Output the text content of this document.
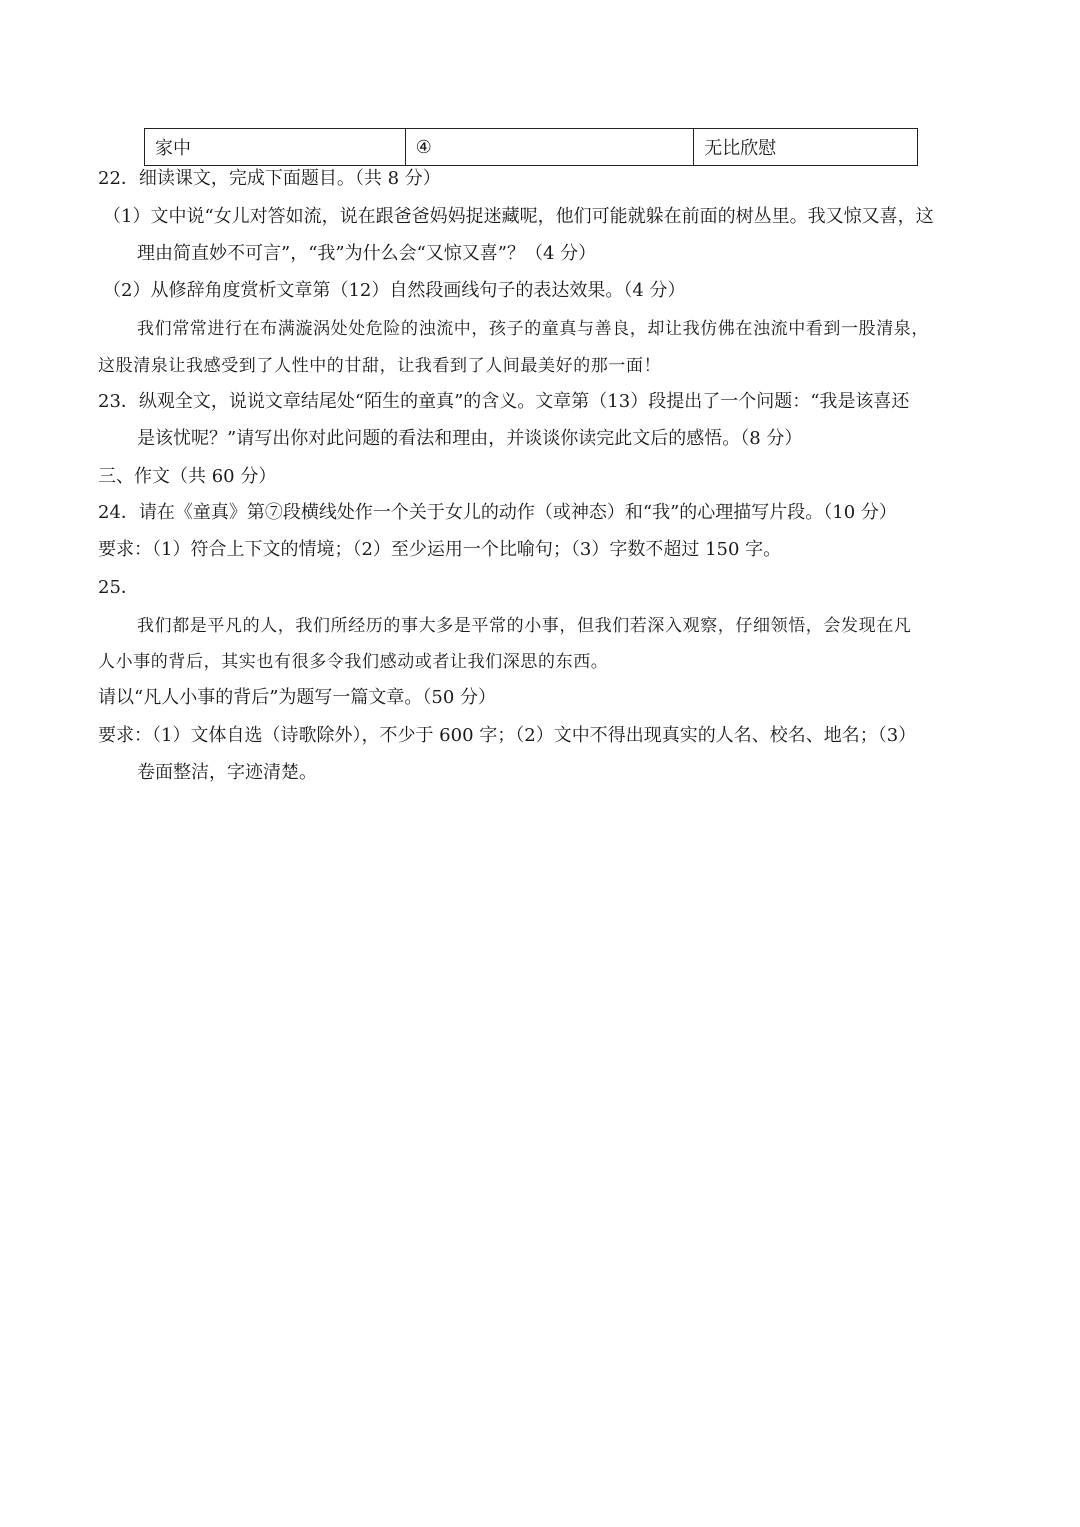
家中	④	无比欣慰
22．细读课文，完成下面题目。（共 8 分）
（1）文中说“女儿对答如流，说在跟爸爸妈妈捉迷藏呢，他们可能就躲在前面的树丛里。我又惊又喜，这
理由简直妙不可言”，“我”为什么会“又惊又喜”？（4 分）
（2）从修辞角度赏析文章第（12）自然段画线句子的表达效果。（4 分）
我们常常进行在布满漩涡处处危险的浊流中，孩子的童真与善良，却让我仿佛在浊流中看到一股清泉，
这股清泉让我感受到了人性中的甘甜，让我看到了人间最美好的那一面！
23．纵观全文，说说文章结尾处“陌生的童真”的含义。文章第（13）段提出了一个问题：“我是该喜还
是该忧呢？”请写出你对此问题的看法和理由，并谈谈你读完此文后的感悟。（8 分）
三、作文（共 60 分）
24．请在《童真》第⑦段横线处作一个关于女儿的动作（或神态）和“我”的心理描写片段。（10 分）
要求：（1）符合上下文的情境；（2）至少运用一个比喻句；（3）字数不超过 150 字。
25．
我们都是平凡的人，我们所经历的事大多是平常的小事，但我们若深入观察，仔细领悟，会发现在凡
人小事的背后，其实也有很多令我们感动或者让我们深思的东西。
请以“凡人小事的背后”为题写一篇文章。（50 分）
要求：（1）文体自选（诗歌除外），不少于 600 字；（2）文中不得出现真实的人名、校名、地名；（3）
卷面整洁，字迹清楚。
